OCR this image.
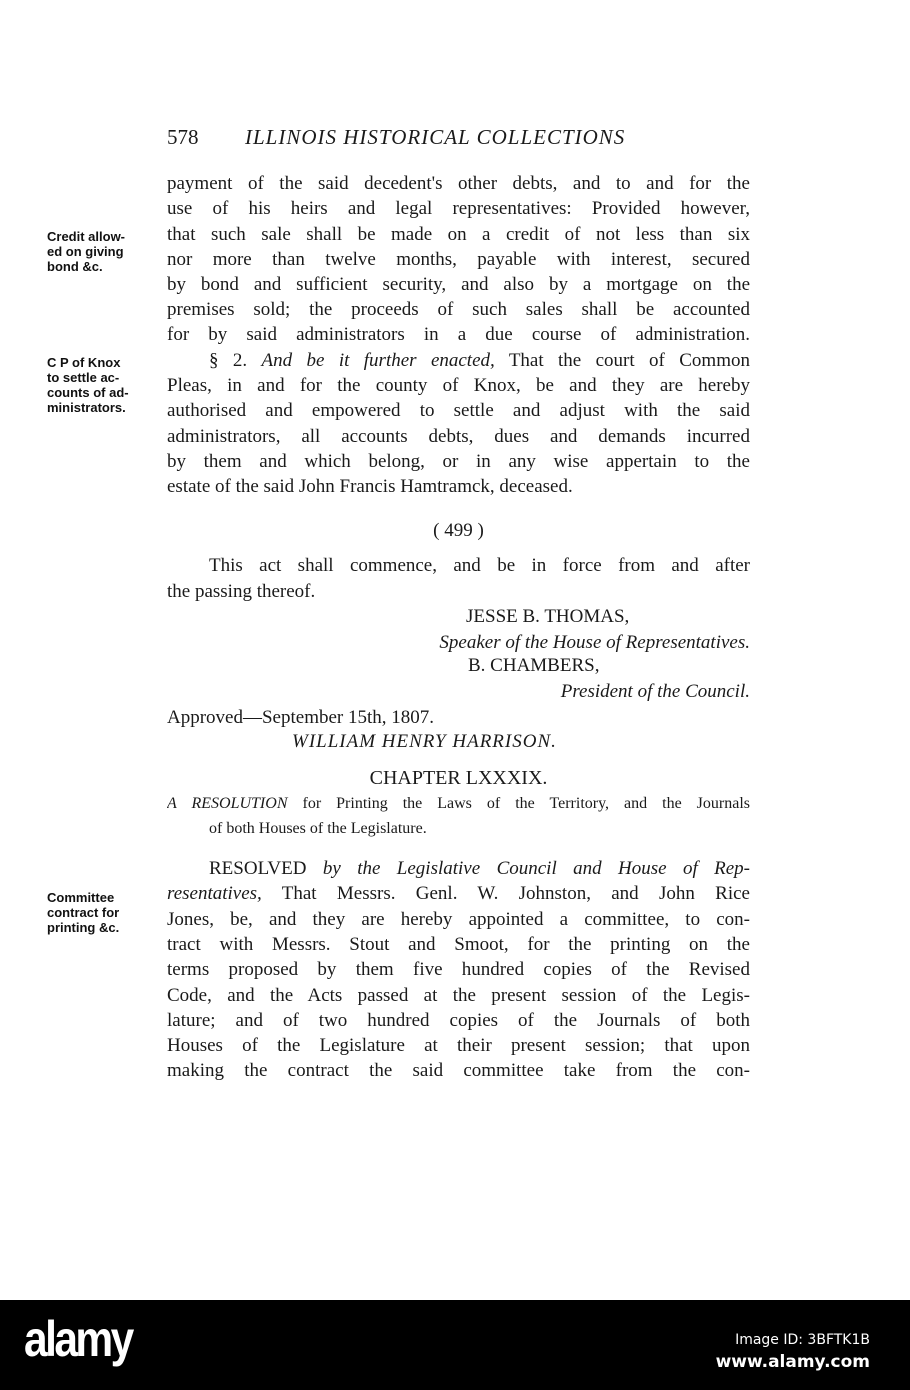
578 ILLINOIS HISTORICAL COLLECTIONS
Credit allow-
ed on giving
bond &c.
C P of Knox
to settle ac-
counts of ad-
ministrators.
Committee
contract for
printing &c.
payment of the said decedent's other debts, and to and for the
use of his heirs and legal representatives: Provided however,
that such sale shall be made on a credit of not less than six
nor more than twelve months, payable with interest, secured
by bond and sufficient security, and also by a mortgage on the
premises sold; the proceeds of such sales shall be accounted
for by said administrators in a due course of administration.
§ 2. And be it further enacted, That the court of Common
Pleas, in and for the county of Knox, be and they are hereby
authorised and empowered to settle and adjust with the said
administrators, all accounts debts, dues and demands incurred
by them and which belong, or in any wise appertain to the
estate of the said John Francis Hamtramck, deceased.
( 499 )
This act shall commence, and be in force from and after
the passing thereof.
JESSE B. THOMAS,
Speaker of the House of Representatives.
B. CHAMBERS,
President of the Council.
Approved—September 15th, 1807.
WILLIAM HENRY HARRISON.
CHAPTER LXXXIX.
A RESOLUTION for Printing the Laws of the Territory, and the Journals
of both Houses of the Legislature.
RESOLVED by the Legislative Council and House of Rep-
resentatives, That Messrs. Genl. W. Johnston, and John Rice
Jones, be, and they are hereby appointed a committee, to con-
tract with Messrs. Stout and Smoot, for the printing on the
terms proposed by them five hundred copies of the Revised
Code, and the Acts passed at the present session of the Legis-
lature; and of two hundred copies of the Journals of both
Houses of the Legislature at their present session; that upon
making the contract the said committee take from the con-
alamy	Image ID: 3BFTK1B
www.alamy.com
